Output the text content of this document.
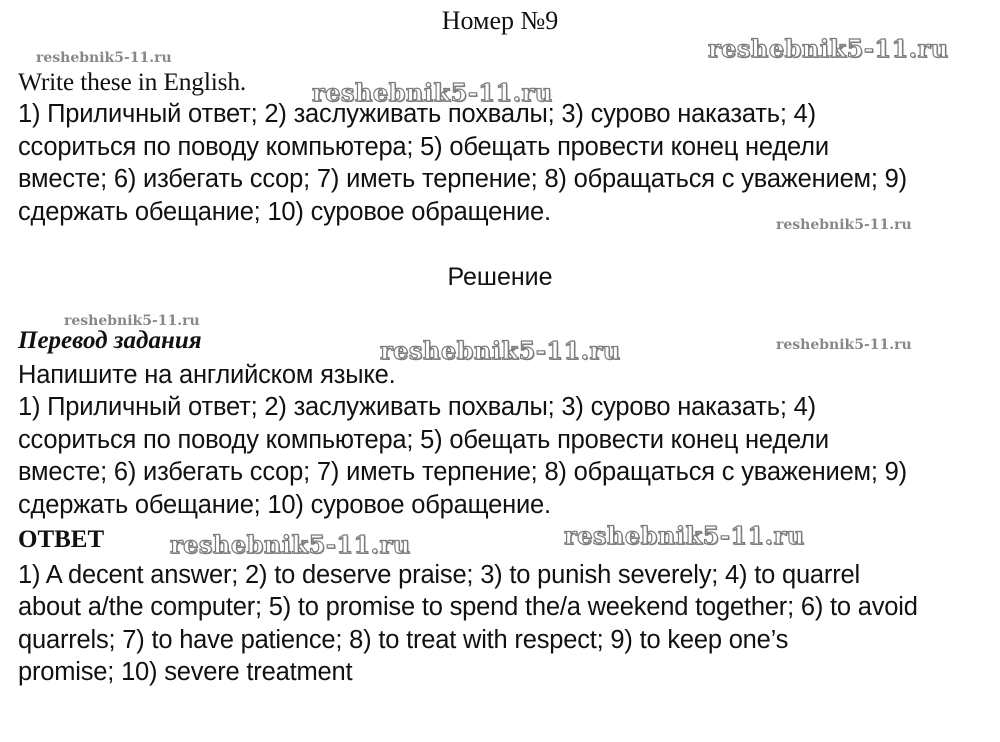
Номер №9
Write these in English.
1) Приличный ответ; 2) заслуживать похвалы; 3) сурово наказать; 4)
ссориться по поводу компьютера; 5) обещать провести конец недели
вместе; 6) избегать ссор; 7) иметь терпение; 8) обращаться с уважением; 9)
сдержать обещание; 10) суровое обращение.
Решение
Перевод задания
Напишите на английском языке.
1) Приличный ответ; 2) заслуживать похвалы; 3) сурово наказать; 4)
ссориться по поводу компьютера; 5) обещать провести конец недели
вместе; 6) избегать ссор; 7) иметь терпение; 8) обращаться с уважением; 9)
сдержать обещание; 10) суровое обращение.
ОТВЕТ
1) A decent answer; 2) to deserve praise; 3) to punish severely; 4) to quarrel
about a/the computer; 5) to promise to spend the/a weekend together; 6) to avoid
quarrels; 7) to have patience; 8) to treat with respect; 9) to keep one’s
promise; 10) severe treatment
reshebnik5-11.ru	reshebnik5-11.ru
reshebnik5-11.ru
reshebnik5-11.ru
reshebnik5-11.ru
reshebnik5-11.ru	reshebnik5-11.ru
reshebnik5-11.ru
reshebnik5-11.ru
